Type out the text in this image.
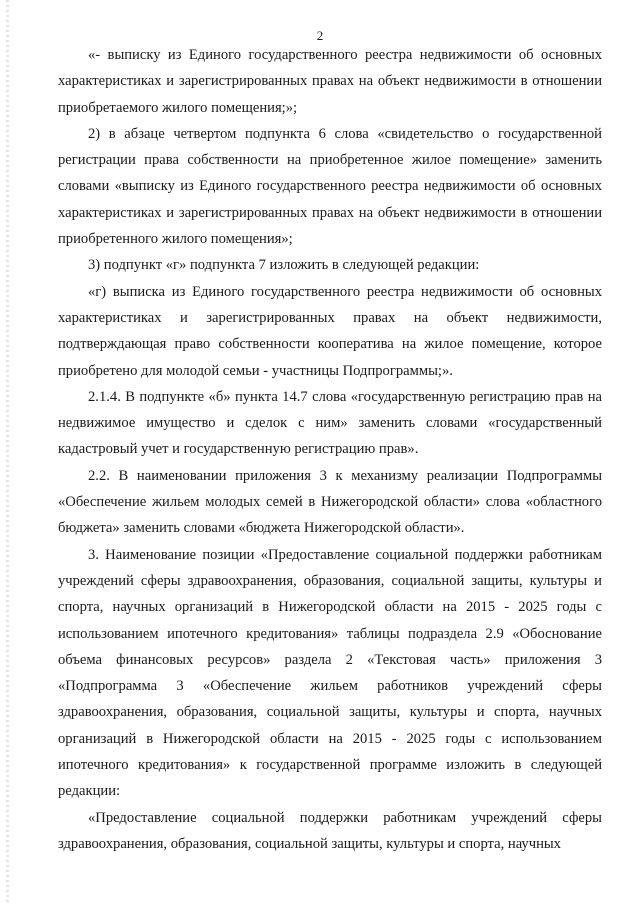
2

«- выписку из Единого государственного реестра недвижимости об основных характеристиках и зарегистрированных правах на объект недвижимости в отношении приобретаемого жилого помещения;»;

2) в абзаце четвертом подпункта 6 слова «свидетельство о государственной регистрации права собственности на приобретенное жилое помещение» заменить словами «выписку из Единого государственного реестра недвижимости об основных характеристиках и зарегистрированных правах на объект недвижимости в отношении приобретенного жилого помещения»;

3) подпункт «г» подпункта 7 изложить в следующей редакции:

«г) выписка из Единого государственного реестра недвижимости об основных характеристиках и зарегистрированных правах на объект недвижимости, подтверждающая право собственности кооператива на жилое помещение, которое приобретено для молодой семьи - участницы Подпрограммы;».

2.1.4. В подпункте «б» пункта 14.7 слова «государственную регистрацию прав на недвижимое имущество и сделок с ним» заменить словами «государственный кадастровый учет и государственную регистрацию прав».

2.2. В наименовании приложения 3 к механизму реализации Подпрограммы «Обеспечение жильем молодых семей в Нижегородской области» слова «областного бюджета» заменить словами «бюджета Нижегородской области».

3. Наименование позиции «Предоставление социальной поддержки работникам учреждений сферы здравоохранения, образования, социальной защиты, культуры и спорта, научных организаций в Нижегородской области на 2015 - 2025 годы с использованием ипотечного кредитования» таблицы подраздела 2.9 «Обоснование объема финансовых ресурсов» раздела 2 «Текстовая часть» приложения 3 «Подпрограмма 3 «Обеспечение жильем работников учреждений сферы здравоохранения, образования, социальной защиты, культуры и спорта, научных организаций в Нижегородской области на 2015 - 2025 годы с использованием ипотечного кредитования» к государственной программе изложить в следующей редакции:

«Предоставление социальной поддержки работникам учреждений сферы здравоохранения, образования, социальной защиты, культуры и спорта, научных
